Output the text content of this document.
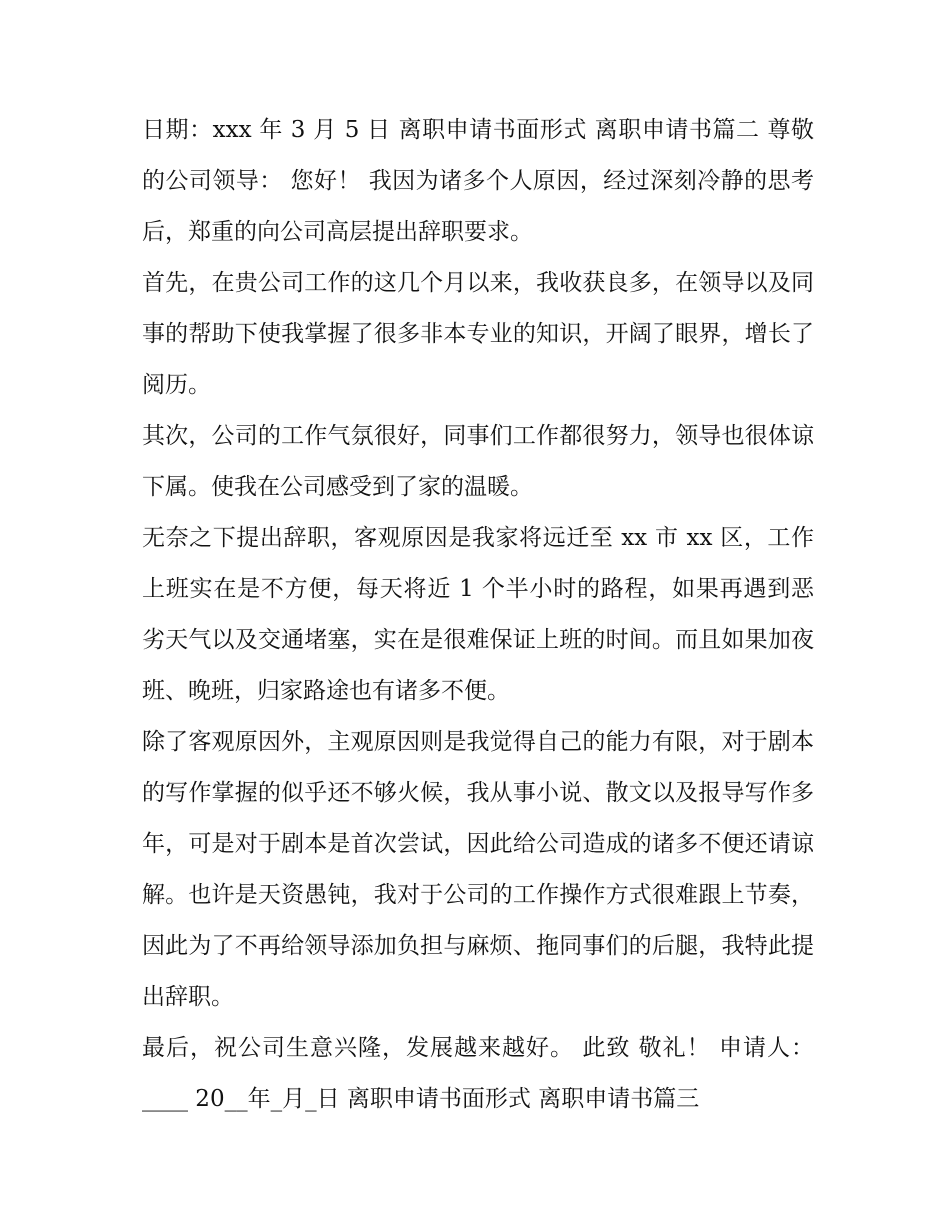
日期：xxx 年 3 月 5 日 离职申请书面形式 离职申请书篇二 尊敬的公司领导： 您好！ 我因为诸多个人原因，经过深刻冷静的思考后，郑重的向公司高层提出辞职要求。

首先，在贵公司工作的这几个月以来，我收获良多，在领导以及同事的帮助下使我掌握了很多非本专业的知识，开阔了眼界，增长了阅历。

其次，公司的工作气氛很好，同事们工作都很努力，领导也很体谅下属。使我在公司感受到了家的温暖。

无奈之下提出辞职，客观原因是我家将远迁至 xx 市 xx 区，工作上班实在是不方便，每天将近 1 个半小时的路程，如果再遇到恶劣天气以及交通堵塞，实在是很难保证上班的时间。而且如果加夜班、晚班，归家路途也有诸多不便。

除了客观原因外，主观原因则是我觉得自己的能力有限，对于剧本的写作掌握的似乎还不够火候，我从事小说、散文以及报导写作多年，可是对于剧本是首次尝试，因此给公司造成的诸多不便还请谅解。也许是天资愚钝，我对于公司的工作操作方式很难跟上节奏，因此为了不再给领导添加负担与麻烦、拖同事们的后腿，我特此提出辞职。

最后，祝公司生意兴隆，发展越来越好。 此致 敬礼！ 申请人：____ 20__年_月_日 离职申请书面形式 离职申请书篇三
